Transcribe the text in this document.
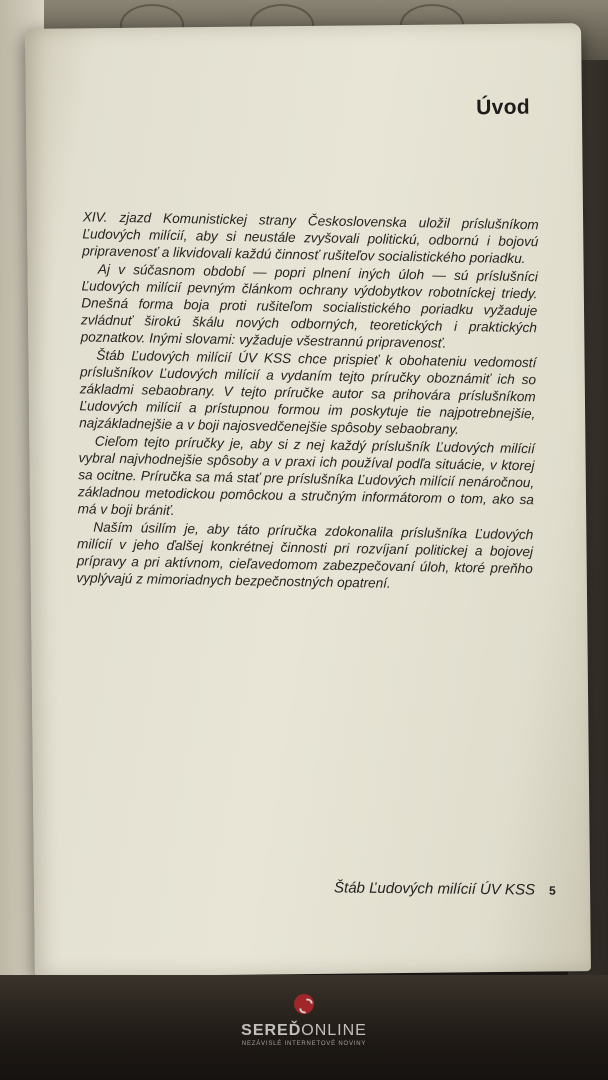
Úvod

XIV. zjazd Komunistickej strany Československa uložil príslušníkom Ľudových milícií, aby si neustále zvyšovali politickú, odbornú i bojovú pripravenosť a likvidovali každú činnosť rušiteľov socialistického poriadku.

Aj v súčasnom období — popri plnení iných úloh — sú príslušníci Ľudových milícií pevným článkom ochrany výdobytkov robotníckej triedy. Dnešná forma boja proti rušiteľom socialistického poriadku vyžaduje zvládnuť širokú škálu nových odborných, teoretických i praktických poznatkov. Inými slovami: vyžaduje všestrannú pripravenosť.

Štáb Ľudových milícií ÚV KSS chce prispieť k obohateniu vedomostí príslušníkov Ľudových milícií a vydaním tejto príručky oboznámiť ich so základmi sebaobrany. V tejto príručke autor sa prihovára príslušníkom Ľudových milícií a prístupnou formou im poskytuje tie najpotrebnejšie, najzákladnejšie a v boji najosvedčenejšie spôsoby sebaobrany.

Cieľom tejto príručky je, aby si z nej každý príslušník Ľudových milícií vybral najvhodnejšie spôsoby a v praxi ich používal podľa situácie, v ktorej sa ocitne. Príručka sa má stať pre príslušníka Ľudových milícií nenáročnou, základnou metodickou pomôckou a stručným informátorom o tom, ako sa má v boji brániť.

Naším úsilím je, aby táto príručka zdokonalila príslušníka Ľudových milícií v jeho ďalšej konkrétnej činnosti pri rozvíjaní politickej a bojovej prípravy a pri aktívnom, cieľavedomom zabezpečovaní úloh, ktoré preňho vyplývajú z mimoriadnych bezpečnostných opatrení.

Štáb Ľudových milícií ÚV KSS 5
SEREĎONLINE
NEZÁVISLÉ INTERNETOVÉ NOVINY
